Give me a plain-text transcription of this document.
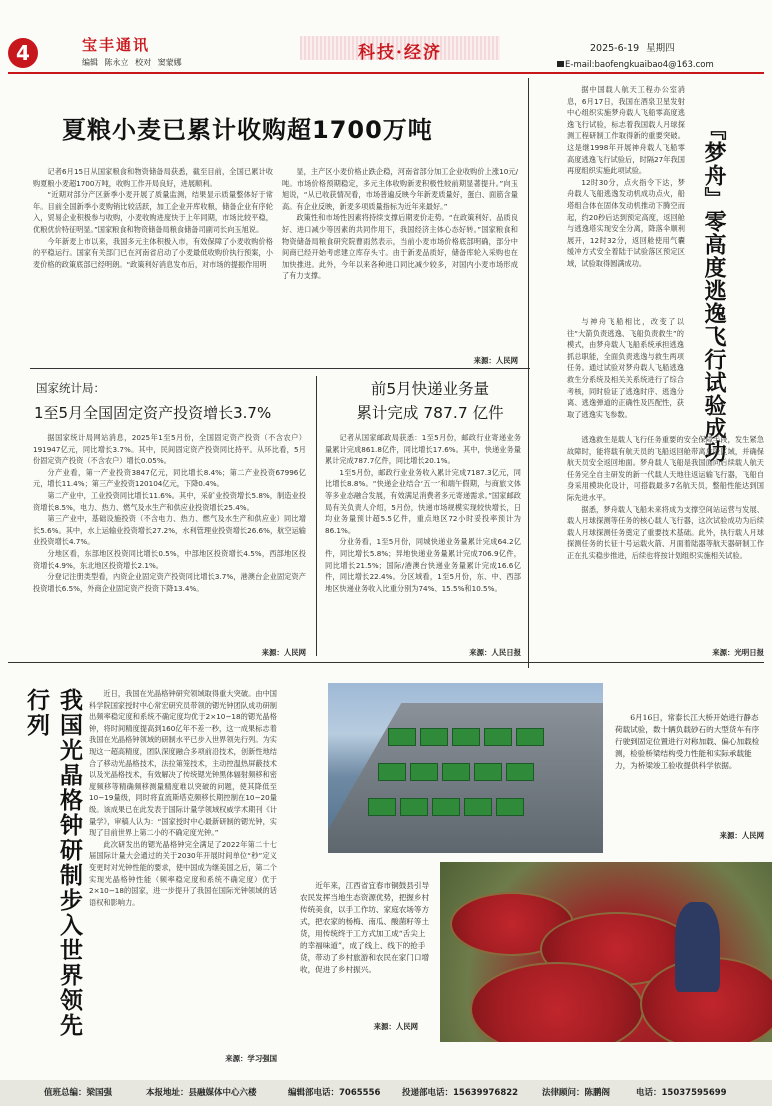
4	宝丰通讯
编辑 陈永立 校对 窦蒙娜	科技·经济	2025-6-19 星期四
E-mail:baofengkuaibao4@163.com
夏粮小麦已累计收购超1700万吨

记者6月15日从国家粮食和物资储备局获悉，截至目前，全国已累计收购夏粮小麦超1700万吨，收购工作开局良好，进展顺利。

“近期对部分产区新季小麦开展了质量监测，结果显示质量整体好于常年。目前全国新季小麦购销比较活跃，加工企业开库收粮，储备企业有序轮入，贸易企业积极参与收购，小麦收购进度快于上年同期，市场比较平稳，优粮优价特征明显。”国家粮食和物资储备局粮食储备司副司长向玉旭说。

今年新麦上市以来，我国多元主体积极入市，有效保障了小麦收购价格的平稳运行。国家有关部门已在河南省启动了小麦最低收购价执行预案，小麦价格的政策底部已经明朗。“政策利好消息发布后，对市场的提振作用明

显，主产区小麦价格止跌企稳，河南省部分加工企业收购价上涨10元/吨。市场价格预期稳定，多元主体收购新麦积极性较前期显著提升。”向玉旭说，“从已收获情况看，市场普遍反映今年新麦质量好，蛋白、面筋含量高。有企业反映，新麦多项质量指标为近年来最好。”

政策性和市场性因素将持续支撑后期麦价走势。“在政策利好、品质良好、进口减少等因素的共同作用下，我国经济主体心态好转。”国家粮食和物资储备局粮食研究院曹雨然表示，当前小麦市场价格底部明确，部分中间商已经开始考虑建立库存头寸。由于新麦品质好，储备库轮入采购也在加快推进。此外，今年以来各种进口同比减少较多，对国内小麦市场形成了有力支撑。

来源：人民网
国家统计局：
1至5月全国固定资产投资增长3.7%

据国家统计局网站消息，2025年1至5月份，全国固定资产投资（不含农户）191947亿元，同比增长3.7%。其中，民间固定资产投资同比持平。从环比看，5月份固定资产投资（不含农户）增长0.05%。

分产业看，第一产业投资3847亿元，同比增长8.4%；第二产业投资67996亿元，增长11.4%；第三产业投资120104亿元，下降0.4%。

第二产业中，工业投资同比增长11.6%。其中，采矿业投资增长5.8%，制造业投资增长8.5%，电力、热力、燃气及水生产和供应业投资增长25.4%。

第三产业中，基础设施投资（不含电力、热力、燃气及水生产和供应业）同比增长5.6%。其中，水上运输业投资增长27.2%，水利管理业投资增长26.6%，航空运输业投资增长4.7%。

分地区看，东部地区投资同比增长0.5%，中部地区投资增长4.5%，西部地区投资增长4.9%，东北地区投资增长2.1%。

分登记注册类型看，内资企业固定资产投资同比增长3.7%，港澳台企业固定资产投资增长6.5%，外商企业固定资产投资下降13.4%。

来源：人民网
前5月快递业务量
累计完成 787.7 亿件

记者从国家邮政局获悉：1至5月份，邮政行业寄递业务量累计完成861.8亿件，同比增长17.6%。其中，快递业务量累计完成787.7亿件，同比增长20.1%。

1至5月份，邮政行业业务收入累计完成7187.3亿元，同比增长8.8%。“快递企业结合‘五一’和端午假期，与商旅文体等多业态融合发展，有效满足消费者多元寄递需求。”国家邮政局有关负责人介绍，5月份，快递市场规模实现较快增长，日均业务量预计超5.5亿件，重点地区72小时妥投率预计为86.1%。

分业务看，1至5月份，同城快递业务量累计完成64.2亿件，同比增长5.8%；异地快递业务量累计完成706.9亿件，同比增长21.5%；国际/港澳台快递业务量累计完成16.6亿件，同比增长22.4%。分区域看，1至5月份，东、中、西部地区快递业务收入比重分别为74%、15.5%和10.5%。

来源：人民日报

据中国载人航天工程办公室消息，6月17日，我国在酒泉卫星发射中心组织实施梦舟载人飞船零高度逃逸飞行试验，标志着我国载人月球探测工程研制工作取得新的重要突破。这是继1998年开展神舟载人飞船零高度逃逸飞行试验后，时隔27年我国再度组织实施此项试验。

12时30分，点火指令下达，梦舟载人飞船逃逸发动机成功点火，船塔组合体在固体发动机推动下腾空而起，约20秒后达到预定高度，返回舱与逃逸塔实现安全分离，降落伞顺利展开，12时32分，返回舱使用气囊缓冲方式安全着陆于试验落区预定区域，试验取得圆满成功。	『梦舟』零高度逃逸飞行试验成功

与神舟飞船相比，改变了以往“大箭负责逃逸、飞船负责救生”的模式，由梦舟载人飞船系统承担逃逸抓总职能，全面负责逃逸与救生两项任务。通过试验对梦舟载人飞船逃逸救生分系统及相关关系统进行了综合考核，同时验证了逃逸时序、逃逸分离、逃逸弹道的正确性及匹配性，获取了逃逸实飞参数。

逃逸救生是载人飞行任务重要的安全保障手段，发生紧急故障时，能将载有航天员的飞船返回舱带离危险区域，并确保航天员安全返回地面。梦舟载人飞船是我国面向后续载人航天任务完全自主研发的新一代载人天地往返运输飞行器，飞船自身采用模块化设计，可搭载最多7名航天员，整船性能达到国际先进水平。

据悉，梦舟载人飞船未来将成为支撑空间站运营与发展、载人月球探测等任务的核心载人飞行器，这次试验成功为后续载人月球探测任务奠定了重要技术基础。此外，执行载人月球探测任务的长征十号运载火箭、月面着陆器等航天器研制工作正在扎实稳步推进，后续也将按计划组织实施相关试验。

来源：光明日报
我国光晶格钟研制步入世界领先行列	近日，我国在光晶格钟研究领域取得重大突破。由中国科学院国家授时中心常宏研究员带领的锶光钟团队成功研制出频率稳定度和系统不确定度均优于2×10−18的锶光晶格钟，将时间精度提高到160亿年不差一秒，这一成果标志着我国在光晶格钟领域的研制水平已步入世界领先行列。为实现这一超高精度，团队深度融合多项前沿技术，创新性地结合了移动光晶格技术，法拉第笼技术，主动控温热屏蔽技术以及光晶格技术，有效解决了传统锶光钟黑体辐射频移和密度频移等精确频移测量精度难以突破的问题，使其降低至10−19量级，同时将直流斯塔克频移长期控制在10−20量级。该成果已在此发表于国际计量学领域权威学术期刊《计量学》，审稿人认为：“国家授时中心最新研制的锶光钟，实现了目前世界上第二小的不确定度光钟。”

此次研发出的锶光晶格钟完全满足了2022年第二十七届国际计量大会通过的关于2030年开展时间单位“秒”定义变更时对光钟性能的要求，使中国成为继美国之后，第二个实现光晶格钟性能（频率稳定度和系统不确定度）优于2×10−18的国家，进一步提升了我国在国际光钟领域的话语权和影响力。

来源：学习强国

6月16日，常泰长江大桥开始进行静态荷载试验，数十辆负载砂石的大型货车有序行驶到固定位置进行对称加载、偏心加载检测，检验桥梁结构受力性能和实际承载能力，为桥梁竣工验收提供科学依据。

来源：人民网

近年来，江西省宜春市铜鼓县引导农民发挥当地生态资源优势，把握乡村传统美食，以手工作坊、家庭农场等方式，把农家的杨梅、南瓜、酸菌籽等土货，用传统终于工方式加工成“舌尖上的幸福味道”，成了线上、线下的抢手货，带动了乡村旅游和农民在家门口增收，促进了乡村振兴。

来源：人民网
值班总编：梁国强	本报地址：县融媒体中心六楼	编辑部电话：7065556	投递部电话：15639976822	法律顾问：陈鹏阁	电话：15037595699
